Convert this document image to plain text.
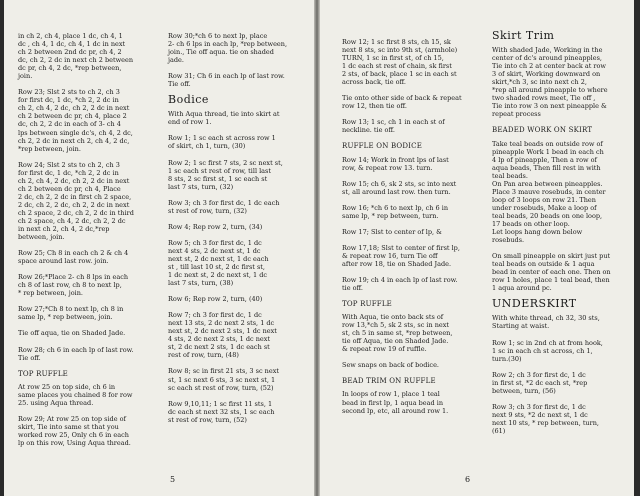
in ch 2, ch 4, place 1 dc, ch 4, 1
dc , ch 4, 1 dc, ch 4, 1 dc in next
ch 2 between 2nd dc pr, ch 4, 2
dc, ch 2, 2 dc in next ch 2 between
dc pr, ch 4, 2 dc, *rep between,
join.

Row 23; Slst 2 sts to ch 2, ch 3
for first dc, 1 dc, *ch 2, 2 dc in
ch 2, ch 4, 2 dc, ch 2, 2 dc in next
ch 2 between dc pr, ch 4, place 2
dc, ch 2, 2 dc in each of 3- ch 4
lps between single dc's, ch 4, 2 dc,
ch 2, 2 dc in next ch 2, ch 4, 2 dc,
*rep between, join.

Row 24; Slst 2 sts to ch 2, ch 3
for first dc, 1 dc, *ch 2, 2 dc in
ch 2, ch 4, 2 dc, ch 2, 2 dc in next
ch 2 between dc pr, ch 4, Place
2 dc, ch 2, 2 dc in first ch 2 space,
2 dc, ch 2, 2 dc, ch 2, 2 dc in next
ch 2 space, 2 dc, ch 2, 2 dc in third
ch 2 space, ch 4, 2 dc, ch 2, 2 dc
in next ch 2, ch 4, 2 dc,*rep
between, join.

Row 25; Ch 8 in each ch 2 & ch 4
space around last row. join.

Row 26;*Place 2- ch 8 lps in each
ch 8 of last row, ch 8 to next lp,
* rep between, join.

Row 27;*Ch 8 to next lp, ch 8 in
same lp, * rep between, join.

Tie off aqua, tie on Shaded Jade.

Row 28; ch 6 in each lp of last row.
Tie off.

TOP RUFFLE

At row 25 on top side, ch 6 in
same places you chained 8 for row
25. using Aqua thread.

Row 29; At row 25 on top side of
skirt, Tie into same st that you
worked row 25, Only ch 6 in each
lp on this row, Using Aqua thread.

Row 30;*ch 6 to next lp, place
2- ch 6 lps in each lp, *rep between,
join., Tie off aqua. tie on shaded
jade.

Row 31; Ch 6 in each lp of last row.
Tie off.

Bodice

With Aqua thread, tie into skirt at
end of row 1.

Row 1; 1 sc each st across row 1
of skirt, ch 1, turn, (30)

Row 2; 1 sc first 7 sts, 2 sc next st,
1 sc each st rest of row, till last
8 sts, 2 sc first st, 1 sc each st
last 7 sts, turn, (32)

Row 3; ch 3 for first dc, 1 dc each
st rest of row, turn, (32)

Row 4; Rep row 2, turn, (34)

Row 5; ch 3 for first dc, 1 dc
next 4 sts, 2 dc next st, 1 dc
next st, 2 dc next st, 1 dc each
st , till last 10 st, 2 dc first st,
1 dc next st, 2 dc next st, 1 dc
last 7 sts, turn, (38)

Row 6; Rep row 2, turn, (40)

Row 7; ch 3 for first dc, 1 dc
next 13 sts, 2 dc next 2 sts, 1 dc
next st, 2 dc next 2 sts, 1 dc next
4 sts, 2 dc next 2 sts, 1 dc next
st, 2 dc next 2 sts, 1 dc each st
rest of row, turn, (48)

Row 8; sc in first 21 sts, 3 sc next
st, 1 sc next 6 sts, 3 sc next st, 1
sc each st rest of row, turn, (52)

Row 9,10,11; 1 sc first 11 sts, 1
dc each st next 32 sts, 1 sc each
st rest of row, turn, (52)

5

Row 12; 1 sc first 8 sts, ch 15, sk
next 8 sts, sc into 9th st, (armhole)
TURN, 1 sc in first st, of ch 15,
1 dc each st rest of chain, sk first
2 sts, of back, place 1 sc in each st
across back, tie off.

Tie onto other side of back & repeat
row 12, then tie off.

Row 13; 1 sc, ch 1 in each st of
neckline. tie off.

RUFFLE ON BODICE

Row 14; Work in front lps of last
row, & repeat row 13. turn.

Row 15; ch 6, sk 2 sts, sc into next
st, all around last row. then turn.

Row 16; *ch 6 to next lp, ch 6 in
same lp, * rep between, turn.

Row 17; Slst to center of lp, &

Row 17,18; Slst to center of first lp,
& repeat row 16, turn Tie off
after row 18, tie on Shaded Jade.

Row 19; ch 4 in each lp of last row.
tie off.

TOP RUFFLE

With Aqua, tie onto back sts of
row 13,*ch 5, sk 2 sts, sc in next
st, ch 5 in same st, *rep between,
tie off Aqua, tie on Shaded Jade.
& repeat row 19 of ruffle.

Sew snaps on back of bodice.

BEAD TRIM ON RUFFLE

In loops of row 1, place 1 teal
bead in first lp, 1 aqua bead in
second lp, etc, all around row 1.

Skirt Trim

With shaded Jade, Working in the
center of dc's around pineapples,
Tie into ch 2 at center back at row
3 of skirt, Working downward on
skirt,*ch 3, sc into next ch 2,
*rep all around pineapple to where
two shaded rows meet, Tie off ,
Tie into row 3 on next pineapple &
repeat process

BEADED WORK ON SKIRT

Take teal beads on outside row of
pineapple Work 1 bead in each ch
4 lp of pineapple, Then a row of
aqua beads, Then fill rest in with
teal beads.
On Pan area between pineapples.
Place 3 mauve rosebuds, in center
loop of 3 loops on row 21. Then
under rosebuds, Make a loop of
teal beads, 20 beads on one loop,
17 beads on other loop.
Let loops hang down below
rosebuds.

On small pineapple on skirt just put
teal beads on outside & 1 aqua
bead in center of each one. Then on
row 1 holes, place 1 teal bead, then
1 aqua around pc.

UNDERSKIRT

With white thread, ch 32, 30 sts,
Starting at waist.

Row 1; sc in 2nd ch at from hook,
1 sc in each ch st across, ch 1,
turn.(30)

Row 2; ch 3 for first dc, 1 dc
in first st, *2 dc each st, *rep
between, turn, (56)

Row 3; ch 3 for first dc, 1 dc
next 9 sts, *2 dc next st, 1 dc
next 10 sts, * rep between, turn,
(61)

6
